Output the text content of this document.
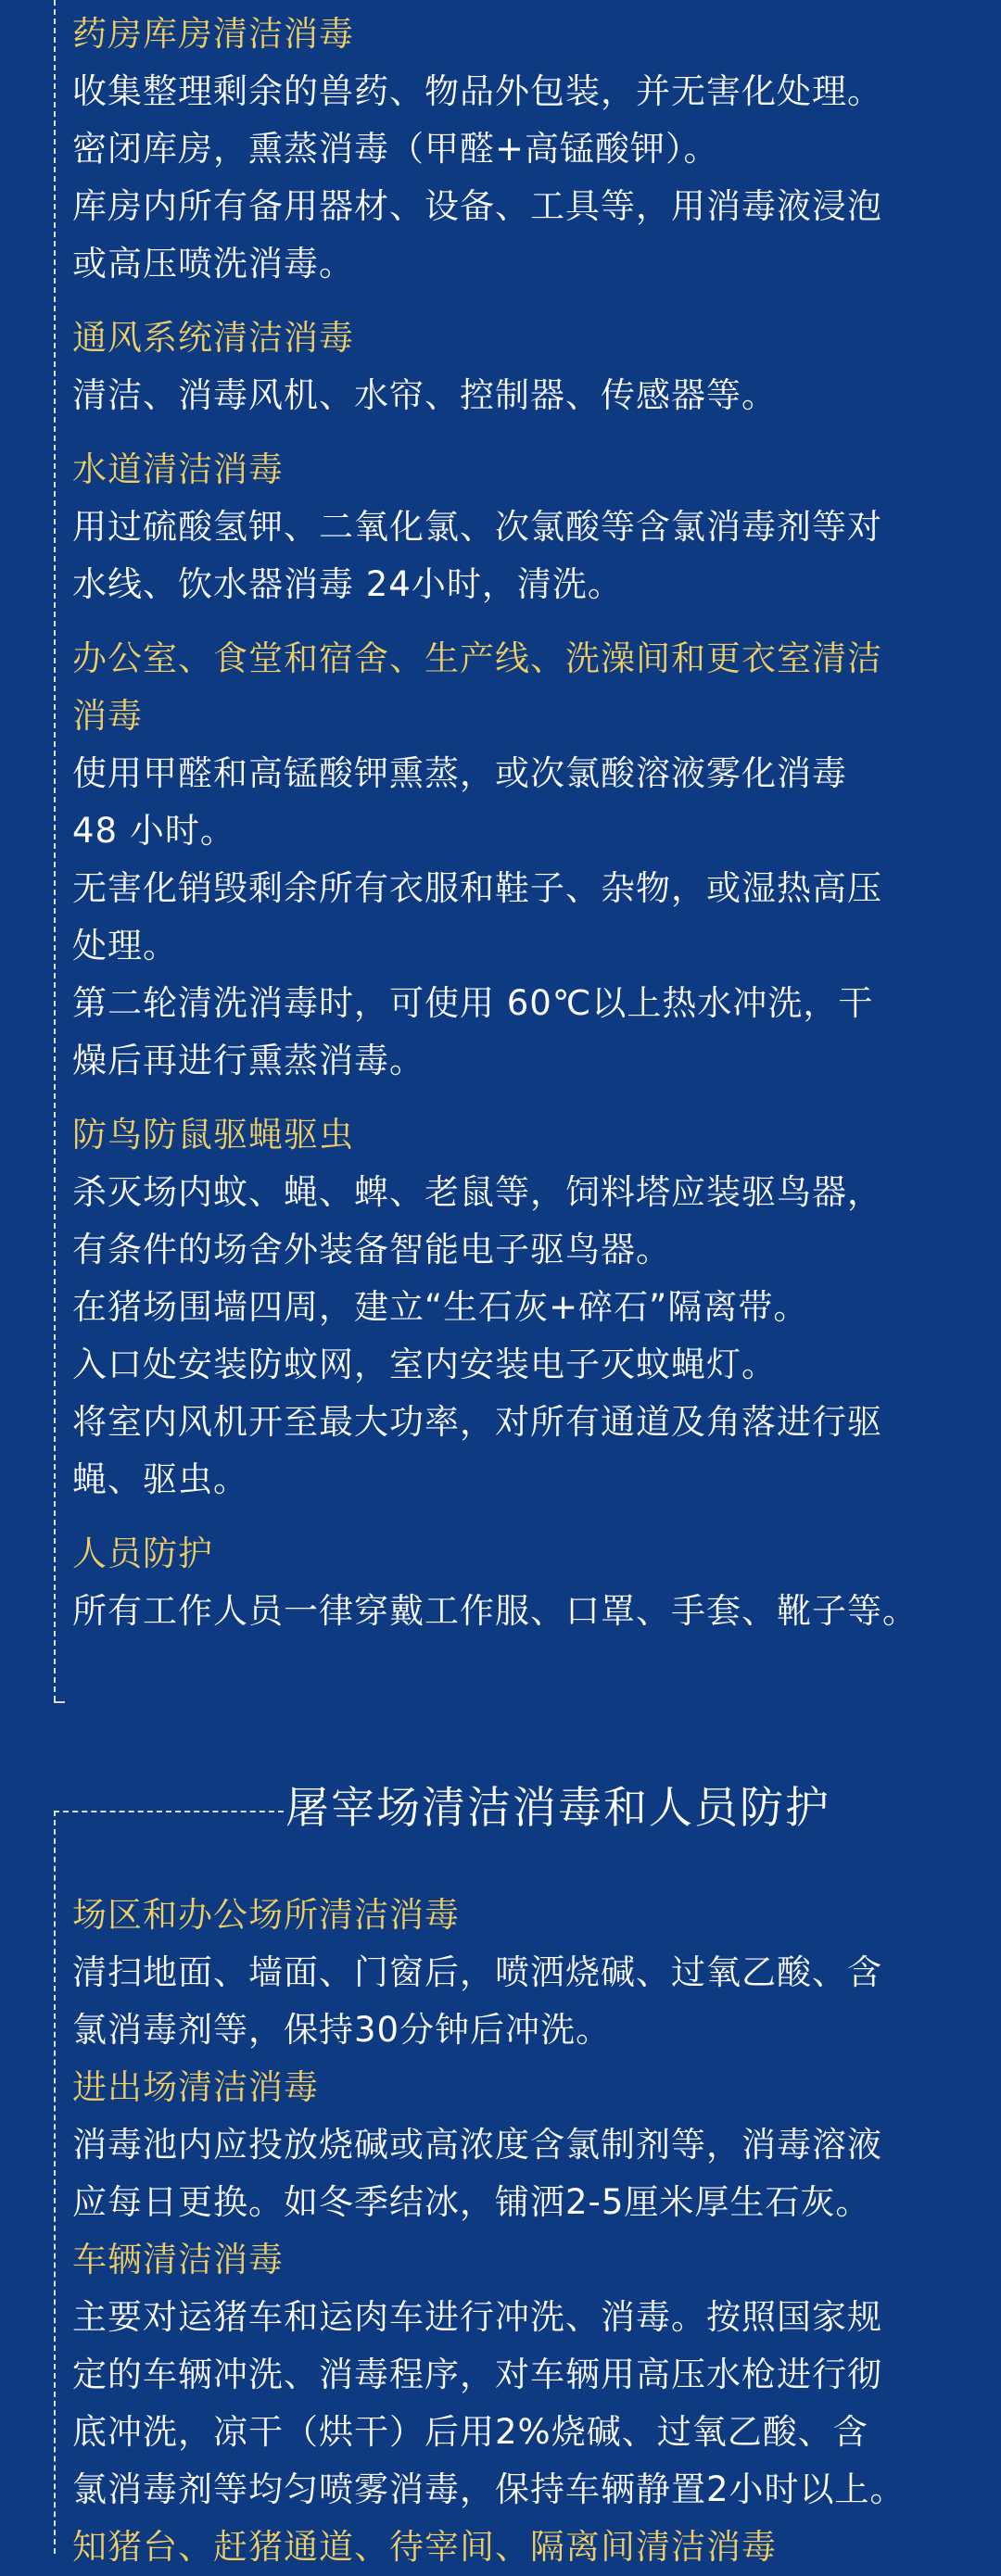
药房库房清洁消毒

收集整理剩余的兽药、物品外包装，并无害化处理。

密闭库房，熏蒸消毒（甲醛+高锰酸钾）。

库房内所有备用器材、设备、工具等，用消毒液浸泡

或高压喷洗消毒。

通风系统清洁消毒

清洁、消毒风机、水帘、控制器、传感器等。

水道清洁消毒

用过硫酸氢钾、二氧化氯、次氯酸等含氯消毒剂等对

水线、饮水器消毒 24小时，清洗。

办公室、食堂和宿舍、生产线、洗澡间和更衣室清洁

消毒

使用甲醛和高锰酸钾熏蒸，或次氯酸溶液雾化消毒

48 小时。

无害化销毁剩余所有衣服和鞋子、杂物，或湿热高压

处理。

第二轮清洗消毒时，可使用 60℃以上热水冲洗，干

燥后再进行熏蒸消毒。

防鸟防鼠驱蝇驱虫

杀灭场内蚊、蝇、蜱、老鼠等，饲料塔应装驱鸟器，

有条件的场舍外装备智能电子驱鸟器。

在猪场围墙四周，建立“生石灰+碎石”隔离带。

入口处安装防蚊网，室内安装电子灭蚊蝇灯。

将室内风机开至最大功率，对所有通道及角落进行驱

蝇、驱虫。

人员防护

所有工作人员一律穿戴工作服、口罩、手套、靴子等。

屠宰场清洁消毒和人员防护

场区和办公场所清洁消毒

清扫地面、墙面、门窗后，喷洒烧碱、过氧乙酸、含

氯消毒剂等，保持30分钟后冲洗。

进出场清洁消毒

消毒池内应投放烧碱或高浓度含氯制剂等，消毒溶液

应每日更换。如冬季结冰，铺洒2-5厘米厚生石灰。

车辆清洁消毒

主要对运猪车和运肉车进行冲洗、消毒。按照国家规

定的车辆冲洗、消毒程序，对车辆用高压水枪进行彻

底冲洗，凉干（烘干）后用2%烧碱、过氧乙酸、含

氯消毒剂等均匀喷雾消毒，保持车辆静置2小时以上。

知猪台、赶猪通道、待宰间、隔离间清洁消毒
